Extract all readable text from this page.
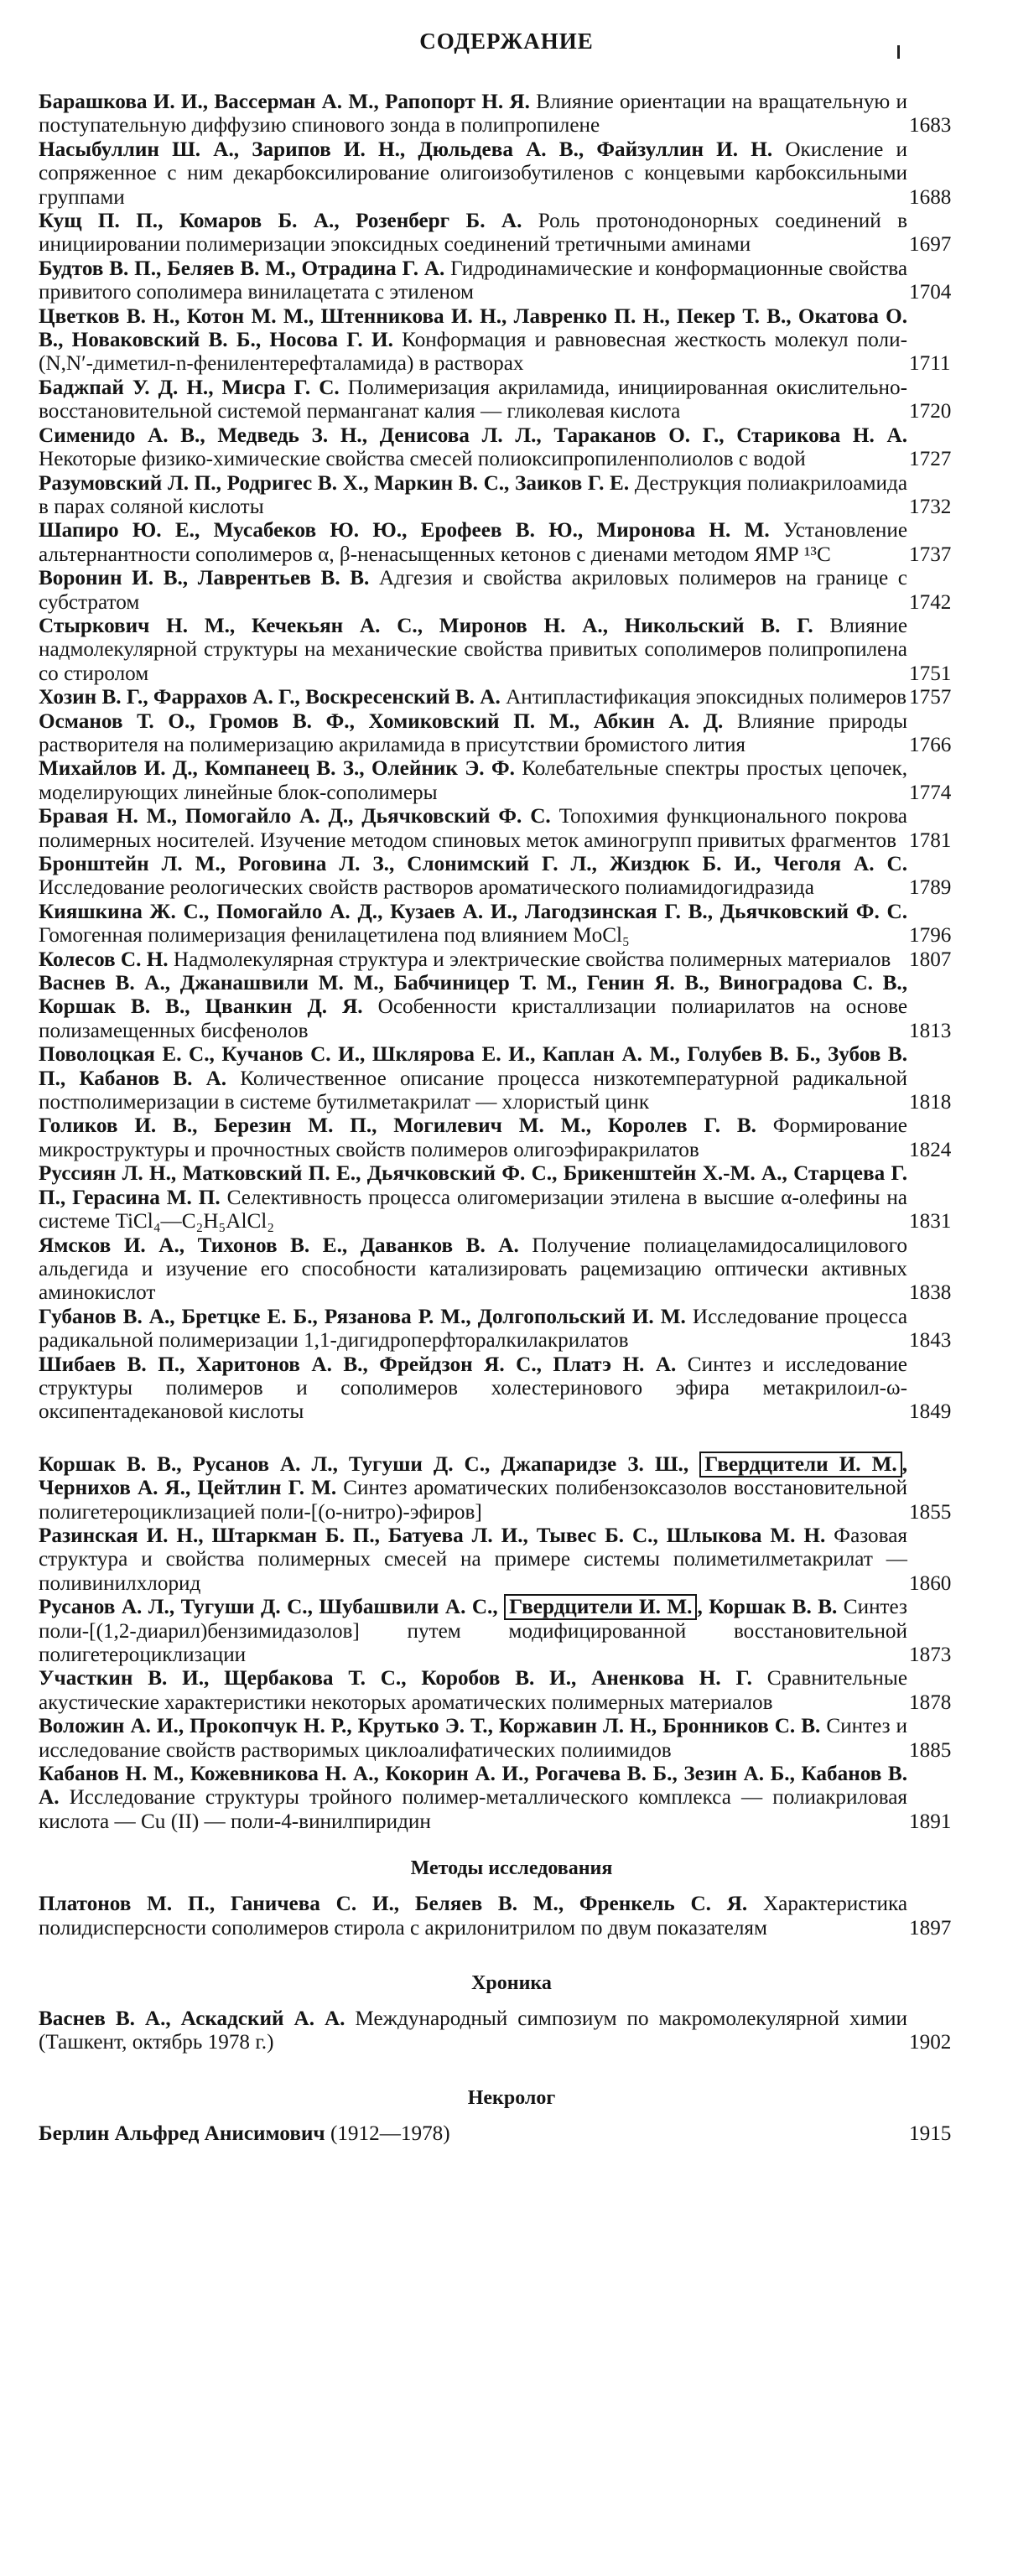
СОДЕРЖАНИЕ

Барашкова И. И., Вассерман А. М., Рапопорт Н. Я. Влияние ориентации на вращательную и поступательную диффузию спинового зонда в полипропилене	1683

Насыбуллин Ш. А., Зарипов И. Н., Дюльдева А. В., Файзуллин И. Н. Окисление и сопряженное с ним декарбоксилирование олигоизобутиленов с концевыми карбоксильными группами	1688

Кущ П. П., Комаров Б. А., Розенберг Б. А. Роль протонодонорных соединений в инициировании полимеризации эпоксидных соединений третичными аминами	1697

Будтов В. П., Беляев В. М., Отрадина Г. А. Гидродинамические и конформационные свойства привитого сополимера винилацетата с этиленом	1704

Цветков В. Н., Котон М. М., Штенникова И. Н., Лавренко П. Н., Пекер Т. В., Окатова О. В., Новаковский В. Б., Носова Г. И. Конформация и равновесная жесткость молекул поли-(N,N′-диметил-n-фенилентерефталамида) в растворах	1711

Баджпай У. Д. Н., Мисра Г. С. Полимеризация акриламида, инициированная окислительно-восстановительной системой перманганат калия — гликолевая кислота	1720

Сименидо А. В., Медведь З. Н., Денисова Л. Л., Тараканов О. Г., Старикова Н. А. Некоторые физико-химические свойства смесей полиоксипропиленполиолов с водой	1727

Разумовский Л. П., Родригес В. Х., Маркин В. С., Заиков Г. Е. Деструкция полиакрилоамида в парах соляной кислоты	1732

Шапиро Ю. Е., Мусабеков Ю. Ю., Ерофеев В. Ю., Миронова Н. М. Установление альтернантности сополимеров α, β-ненасыщенных кетонов с диенами методом ЯМР ¹³С	1737

Воронин И. В., Лаврентьев В. В. Адгезия и свойства акриловых полимеров на границе с субстратом	1742

Стыркович Н. М., Кечекьян А. С., Миронов Н. А., Никольский В. Г. Влияние надмолекулярной структуры на механические свойства привитых сополимеров полипропилена со стиролом	1751

Хозин В. Г., Фаррахов А. Г., Воскресенский В. А. Антипластификация эпоксидных полимеров 1757

Османов Т. О., Громов В. Ф., Хомиковский П. М., Абкин А. Д. Влияние природы растворителя на полимеризацию акриламида в присутствии бромистого лития	1766

Михайлов И. Д., Компанеец В. З., Олейник Э. Ф. Колебательные спектры простых цепочек, моделирующих линейные блок-сополимеры	1774

Бравая Н. М., Помогайло А. Д., Дьячковский Ф. С. Топохимия функционального покрова полимерных носителей. Изучение методом спиновых меток аминогрупп привитых фрагментов 1781

Бронштейн Л. М., Роговина Л. З., Слонимский Г. Л., Жиздюк Б. И., Чеголя А. С. Исследование реологических свойств растворов ароматического полиамидогидразида	1789

Кияшкина Ж. С., Помогайло А. Д., Кузаев А. И., Лагодзинская Г. В., Дьячковский Ф. С. Гомогенная полимеризация фенилацетилена под влиянием MoCl₅	1796

Колесов С. Н. Надмолекулярная структура и электрические свойства полимерных материалов 1807

Васнев В. А., Джанашвили М. М., Бабчиницер Т. М., Генин Я. В., Виноградова С. В., Коршак В. В., Цванкин Д. Я. Особенности кристаллизации полиарилатов на основе полизамещенных бисфенолов	1813

Поволоцкая Е. С., Кучанов С. И., Шклярова Е. И., Каплан А. М., Голубев В. Б., Зубов В. П., Кабанов В. А. Количественное описание процесса низкотемпературной радикальной постполимеризации в системе бутилметакрилат — хлористый цинк	1818

Голиков И. В., Березин М. П., Могилевич М. М., Королев Г. В. Формирование микроструктуры и прочностных свойств полимеров олигоэфиракрилатов	1824

Руссиян Л. Н., Матковский П. Е., Дьячковский Ф. С., Брикенштейн Х.-М. А., Старцева Г. П., Герасина М. П. Селективность процесса олигомеризации этилена в высшие α-олефины на системе TiCl₄—C₂H₅AlCl₂	1831

Ямсков И. А., Тихонов В. Е., Даванков В. А. Получение полиацеламидосалицилового альдегида и изучение его способности катализировать рацемизацию оптически активных аминокислот	1838

Губанов В. А., Бретцке Е. Б., Рязанова Р. М., Долгопольский И. М. Исследование процесса радикальной полимеризации 1,1-дигидроперфторалкилакрилатов	1843

Шибаев В. П., Харитонов А. В., Фрейдзон Я. С., Платэ Н. А. Синтез и исследование структуры полимеров и сополимеров холестеринового эфира метакрилоил-ω-оксипентадекановой кислоты	1849

Коршак В. В., Русанов А. Л., Тугуши Д. С., Джапаридзе З. Ш., Гвердцители И. М. , Чернихов А. Я., Цейтлин Г. М. Синтез ароматических полибензоксазолов восстановительной полигетероциклизацией поли-[(о-нитро)-эфиров]	1855

Разинская И. Н., Штаркман Б. П., Батуева Л. И., Тывес Б. С., Шлыкова М. Н. Фазовая структура и свойства полимерных смесей на примере системы полиметилметакрилат — поливинилхлорид	1860

Русанов А. Л., Тугуши Д. С., Шубашвили А. С., Гвердцители И. М. , Коршак В. В. Синтез поли-[(1,2-диарил)бензимидазолов] путем модифицированной восстановительной полигетероциклизации	1873

Участкин В. И., Щербакова Т. С., Коробов В. И., Аненкова Н. Г. Сравнительные акустические характеристики некоторых ароматических полимерных материалов	1878

Воложин А. И., Прокопчук Н. Р., Крутько Э. Т., Коржавин Л. Н., Бронников С. В. Синтез и исследование свойств растворимых циклоалифатических полиимидов	1885

Кабанов Н. М., Кожевникова Н. А., Кокорин А. И., Рогачева В. Б., Зезин А. Б., Кабанов В. А. Исследование структуры тройного полимер-металлического комплекса — полиакриловая кислота — Cu (II) — поли-4-винилпиридин	1891

Методы исследования

Платонов М. П., Ганичева С. И., Беляев В. М., Френкель С. Я. Характеристика полидисперсности сополимеров стирола с акрилонитрилом по двум показателям	1897

Хроника

Васнев В. А., Аскадский А. А. Международный симпозиум по макромолекулярной химии (Ташкент, октябрь 1978 г.)	1902

Некролог

Берлин Альфред Анисимович (1912—1978)	1915
